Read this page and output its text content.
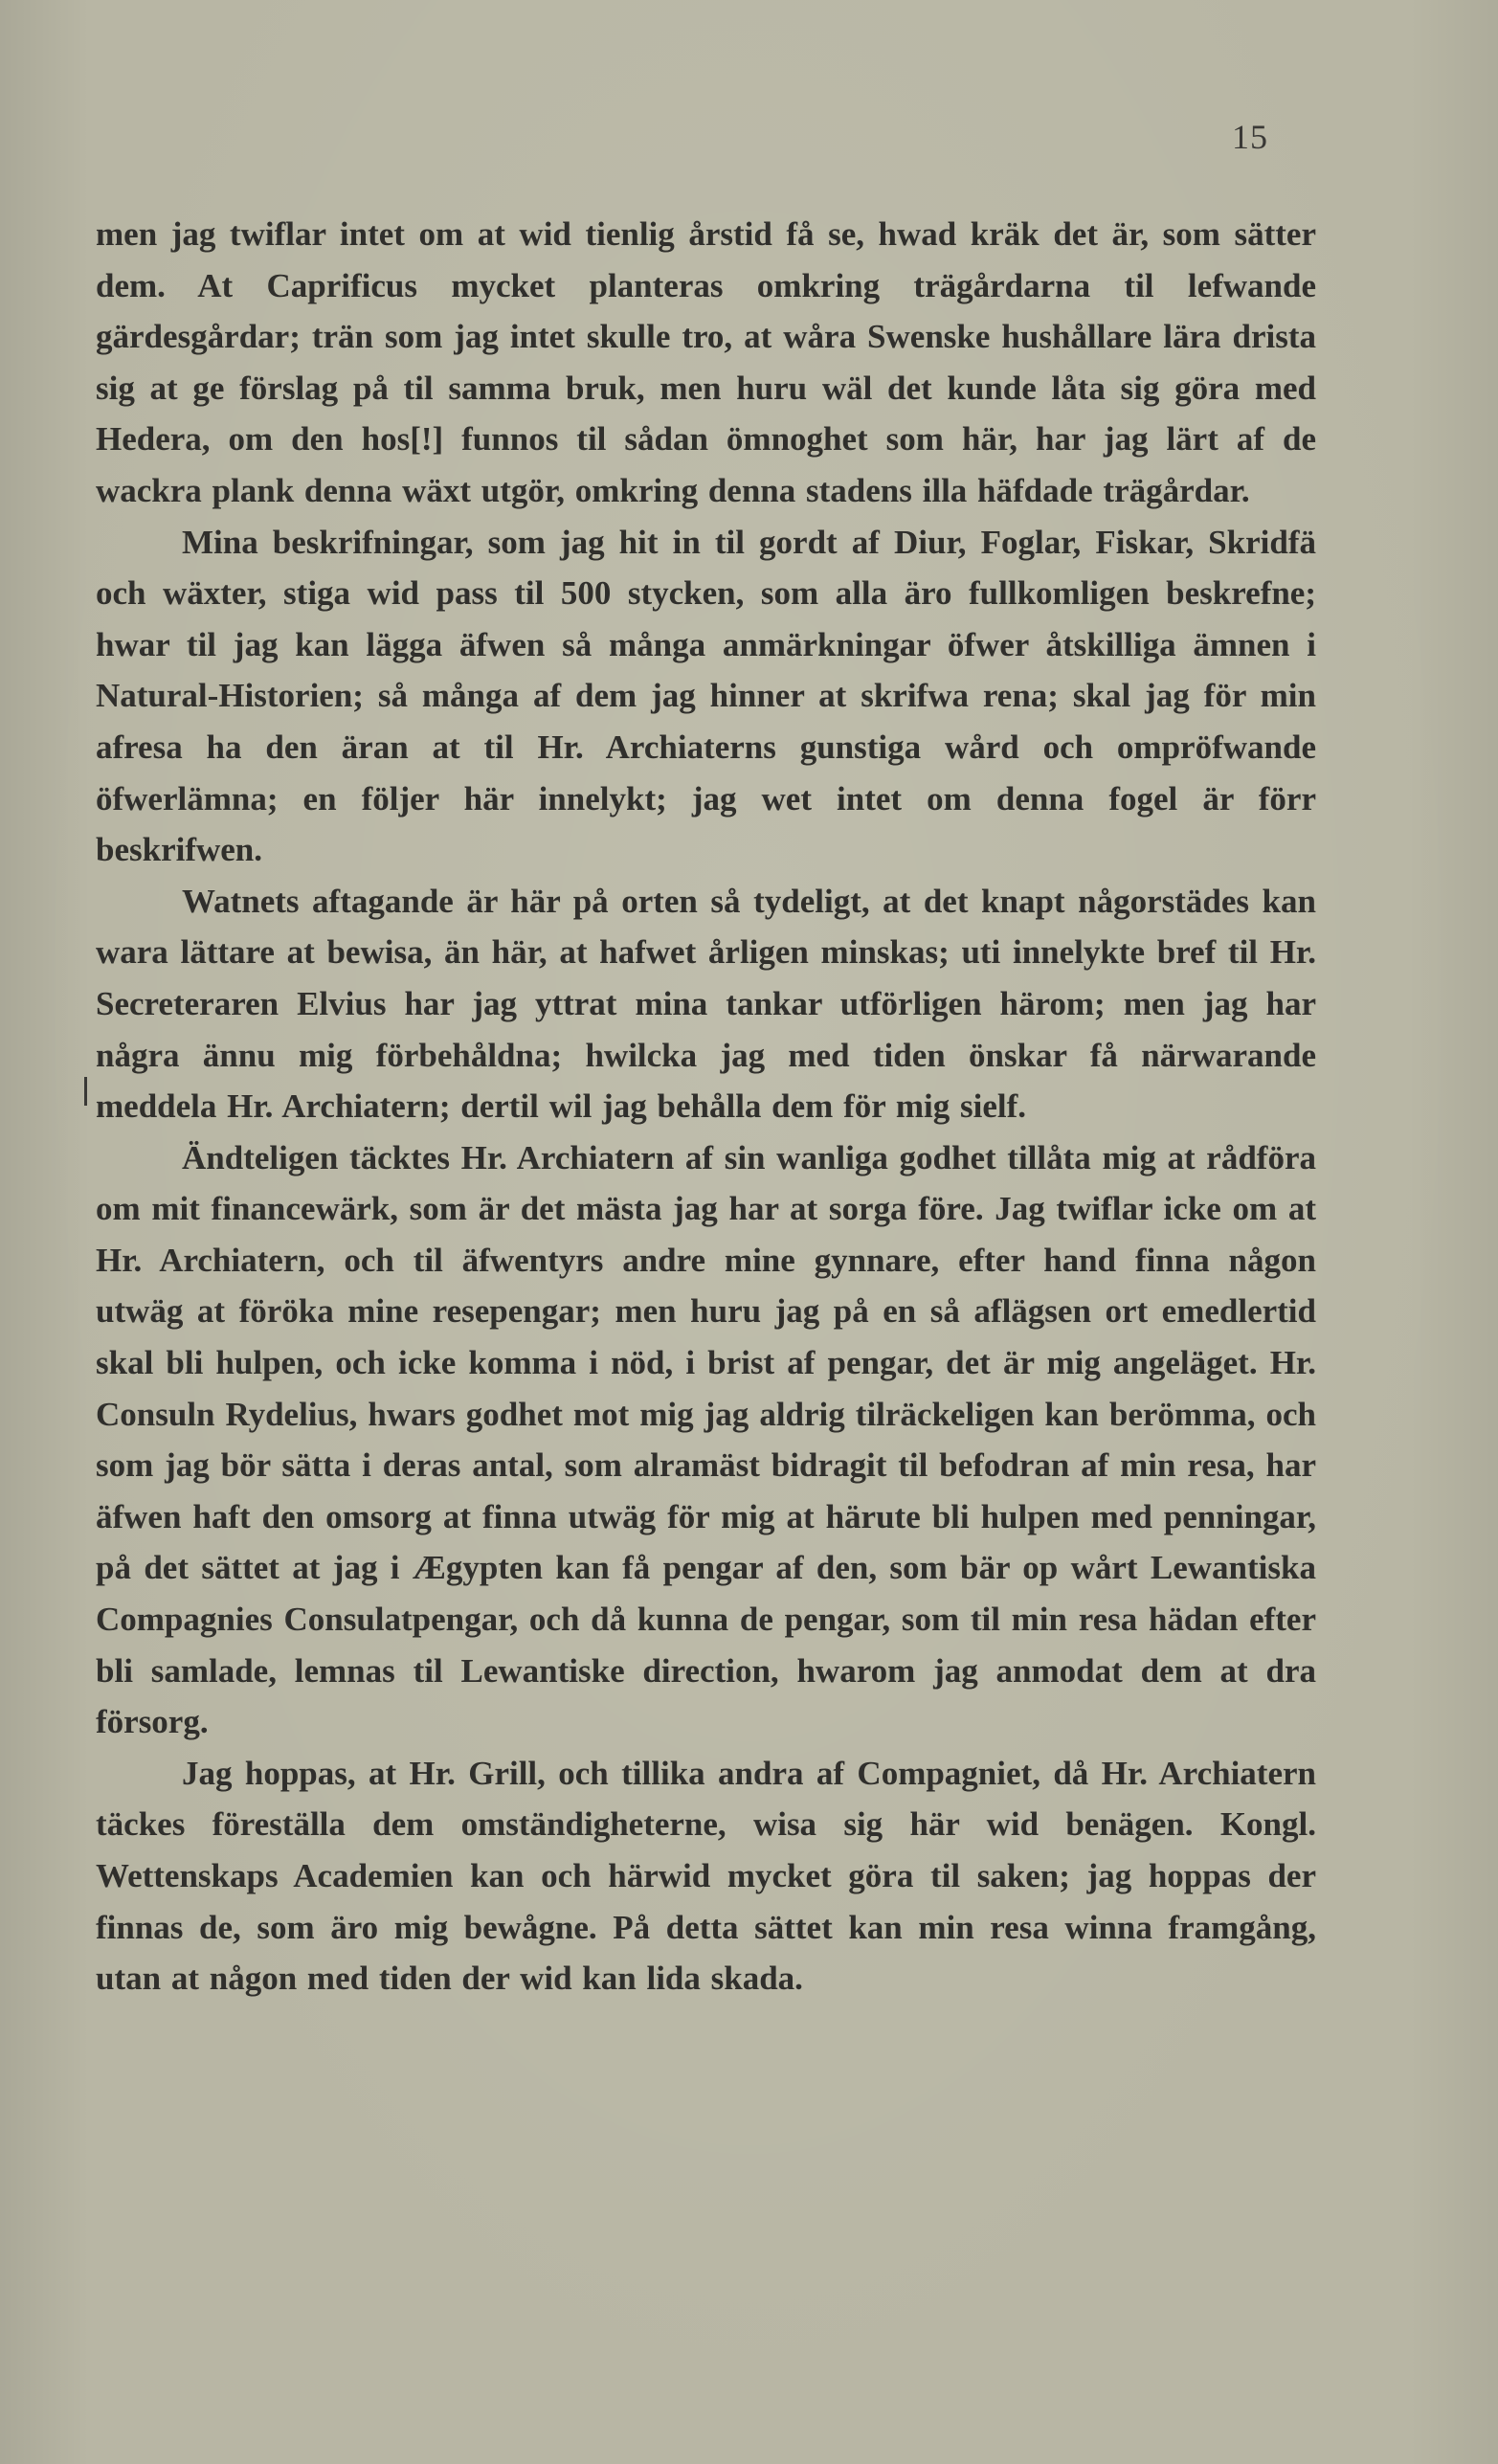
15

men jag twiflar intet om at wid tienlig årstid få se, hwad kräk det är, som sätter dem. At Caprificus mycket planteras omkring trägårdarna til lefwande gärdesgårdar; trän som jag intet skulle tro, at wåra Swenske hushållare lära drista sig at ge förslag på til samma bruk, men huru wäl det kunde låta sig göra med Hedera, om den hos[!] funnos til sådan ömnoghet som här, har jag lärt af de wackra plank denna wäxt utgör, omkring denna stadens illa häfdade trägårdar.

Mina beskrifningar, som jag hit in til gordt af Diur, Foglar, Fiskar, Skridfä och wäxter, stiga wid pass til 500 stycken, som alla äro fullkomligen beskrefne; hwar til jag kan lägga äfwen så många anmärkningar öfwer åtskilliga ämnen i Natural-Historien; så många af dem jag hinner at skrifwa rena; skal jag för min afresa ha den äran at til Hr. Archiaterns gunstiga wård och ompröfwande öfwerlämna; en följer här innelykt; jag wet intet om denna fogel är förr beskrifwen.

Watnets aftagande är här på orten så tydeligt, at det knapt någorstädes kan wara lättare at bewisa, än här, at hafwet årligen minskas; uti innelykte bref til Hr. Secreteraren Elvius har jag yttrat mina tankar utförligen härom; men jag har några ännu mig förbehåldna; hwilcka jag med tiden önskar få närwarande meddela Hr. Archiatern; dertil wil jag behålla dem för mig sielf.

Ändteligen täcktes Hr. Archiatern af sin wanliga godhet tillåta mig at rådföra om mit financewärk, som är det mästa jag har at sorga före. Jag twiflar icke om at Hr. Archiatern, och til äfwentyrs andre mine gynnare, efter hand finna någon utwäg at föröka mine resepengar; men huru jag på en så aflägsen ort emedlertid skal bli hulpen, och icke komma i nöd, i brist af pengar, det är mig angeläget. Hr. Consuln Rydelius, hwars godhet mot mig jag aldrig tilräckeligen kan berömma, och som jag bör sätta i deras antal, som alramäst bidragit til befodran af min resa, har äfwen haft den omsorg at finna utwäg för mig at härute bli hulpen med penningar, på det sättet at jag i Ægypten kan få pengar af den, som bär op wårt Lewantiska Compagnies Consulatpengar, och då kunna de pengar, som til min resa hädan efter bli samlade, lemnas til Lewantiske direction, hwarom jag anmodat dem at dra försorg.

Jag hoppas, at Hr. Grill, och tillika andra af Compagniet, då Hr. Archiatern täckes föreställa dem omständigheterne, wisa sig här wid benägen. Kongl. Wettenskaps Academien kan och härwid mycket göra til saken; jag hoppas der finnas de, som äro mig bewågne. På detta sättet kan min resa winna framgång, utan at någon med tiden der wid kan lida skada.
